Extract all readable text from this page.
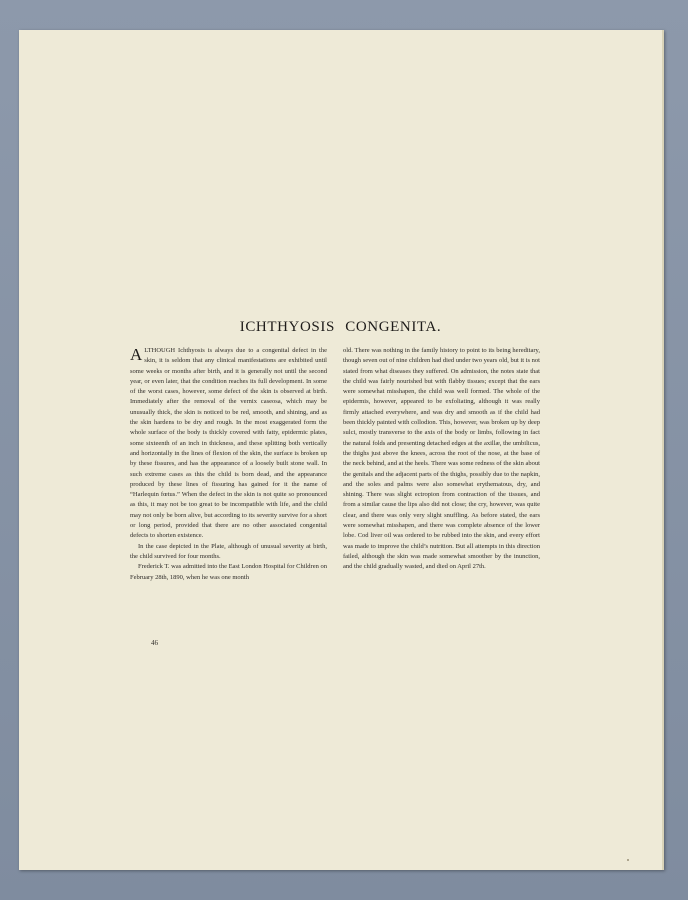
ICHTHYOSIS CONGENITA.

ALTHOUGH Ichthyosis is always due to a congenital defect in the skin, it is seldom that any clinical manifestations are exhibited until some weeks or months after birth, and it is generally not until the second year, or even later, that the condition reaches its full development. In some of the worst cases, however, some defect of the skin is observed at birth. Immediately after the removal of the vernix caseosa, which may be unusually thick, the skin is noticed to be red, smooth, and shining, and as the skin hardens to be dry and rough. In the most exaggerated form the whole surface of the body is thickly covered with fatty, epidermic plates, some sixteenth of an inch in thickness, and these splitting both vertically and horizontally in the lines of flexion of the skin, the surface is broken up by these fissures, and has the appearance of a loosely built stone wall. In such extreme cases as this the child is born dead, and the appearance produced by these lines of fissuring has gained for it the name of “Harlequin fœtus.” When the defect in the skin is not quite so pronounced as this, it may not be too great to be incompatible with life, and the child may not only be born alive, but according to its severity survive for a short or long period, provided that there are no other associated congenital defects to shorten existence.

In the case depicted in the Plate, although of unusual severity at birth, the child survived for four months.

Frederick T. was admitted into the East London Hospital for Children on February 28th, 1890, when he was one month

old. There was nothing in the family history to point to its being hereditary, though seven out of nine children had died under two years old, but it is not stated from what diseases they suffered. On admission, the notes state that the child was fairly nourished but with flabby tissues; except that the ears were somewhat misshapen, the child was well formed. The whole of the epidermis, however, appeared to be exfoliating, although it was really firmly attached everywhere, and was dry and smooth as if the child had been thickly painted with collodion. This, however, was broken up by deep sulci, mostly transverse to the axis of the body or limbs, following in fact the natural folds and presenting detached edges at the axillæ, the umbilicus, the thighs just above the knees, across the root of the nose, at the base of the neck behind, and at the heels. There was some redness of the skin about the genitals and the adjacent parts of the thighs, possibly due to the napkin, and the soles and palms were also somewhat erythematous, dry, and shining. There was slight ectropion from contraction of the tissues, and from a similar cause the lips also did not close; the cry, however, was quite clear, and there was only very slight snuffling. As before stated, the ears were somewhat misshapen, and there was complete absence of the lower lobe. Cod liver oil was ordered to be rubbed into the skin, and every effort was made to improve the child’s nutrition. But all attempts in this direction failed, although the skin was made somewhat smoother by the inunction, and the child gradually wasted, and died on April 27th.

46
